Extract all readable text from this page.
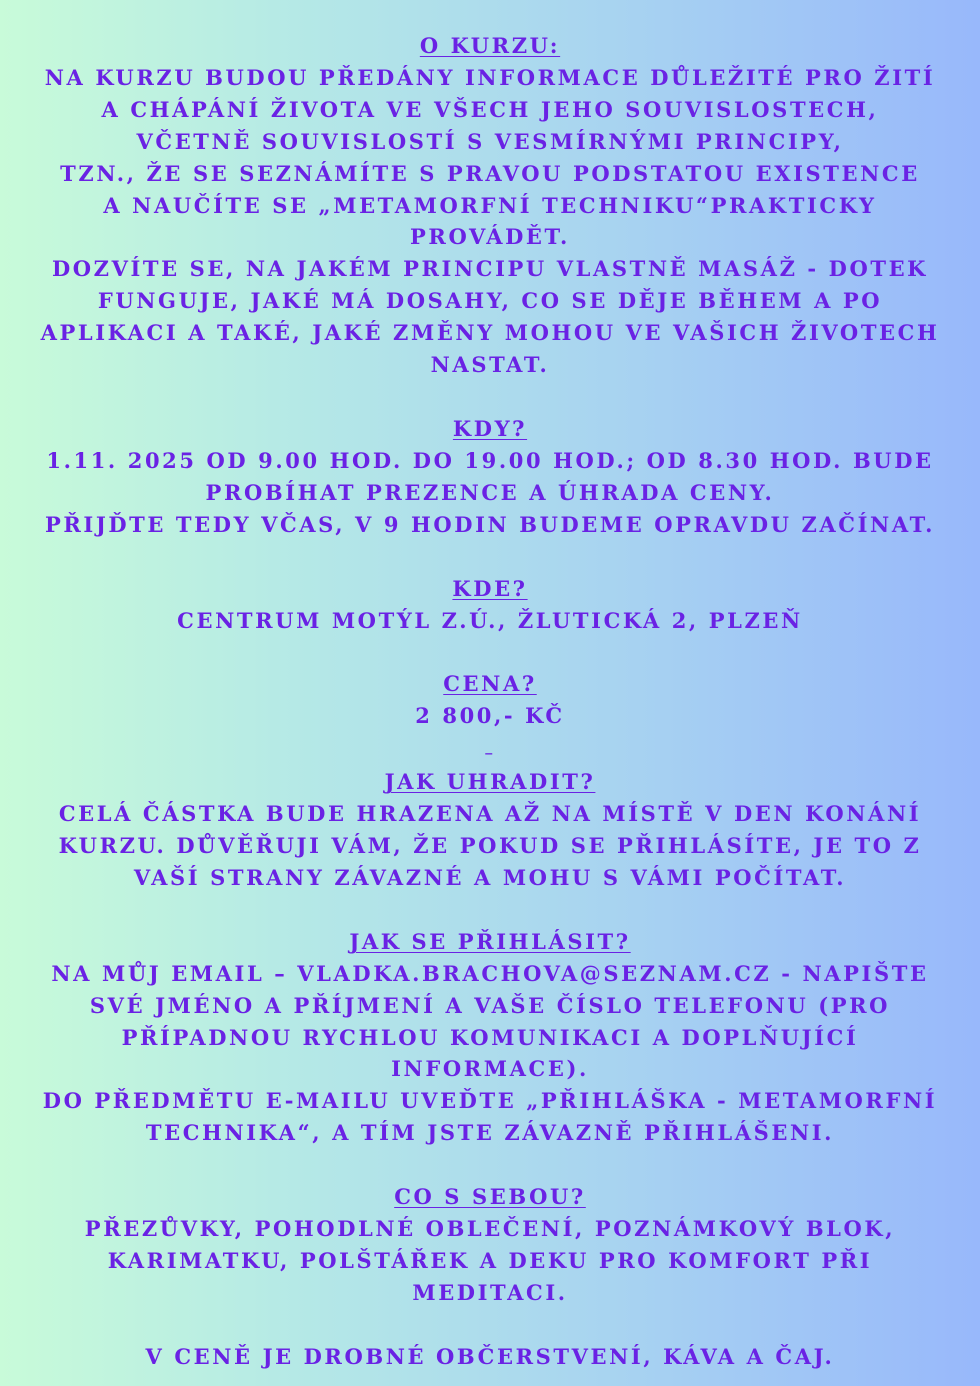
O KURZU:
NA KURZU BUDOU PŘEDÁNY INFORMACE DŮLEŽITÉ PRO ŽITÍ
A CHÁPÁNÍ ŽIVOTA VE VŠECH JEHO SOUVISLOSTECH,
VČETNĚ SOUVISLOSTÍ S VESMÍRNÝMI PRINCIPY,
TZN., ŽE SE SEZNÁMÍTE S PRAVOU PODSTATOU EXISTENCE
A NAUČÍTE SE „METAMORFNÍ TECHNIKU“PRAKTICKY
PROVÁDĚT.
DOZVÍTE SE, NA JAKÉM PRINCIPU VLASTNĚ MASÁŽ - DOTEK
FUNGUJE, JAKÉ MÁ DOSAHY, CO SE DĚJE BĚHEM A PO
APLIKACI A TAKÉ, JAKÉ ZMĚNY MOHOU VE VAŠICH ŽIVOTECH
NASTAT.
KDY?
1.11. 2025 OD 9.00 HOD. DO 19.00 HOD.; OD 8.30 HOD. BUDE
PROBÍHAT PREZENCE A ÚHRADA CENY.
PŘIJĎTE TEDY VČAS, V 9 HODIN BUDEME OPRAVDU ZAČÍNAT.
KDE?
CENTRUM MOTÝL Z.Ú., ŽLUTICKÁ 2, PLZEŇ
CENA?
2 800,- KČ
_
JAK UHRADIT?
CELÁ ČÁSTKA BUDE HRAZENA AŽ NA MÍSTĚ V DEN KONÁNÍ
KURZU. DŮVĚŘUJI VÁM, ŽE POKUD SE PŘIHLÁSÍTE, JE TO Z
VAŠÍ STRANY ZÁVAZNÉ A MOHU S VÁMI POČÍTAT.
JAK SE PŘIHLÁSIT?
NA MŮJ EMAIL – VLADKA.BRACHOVA@SEZNAM.CZ - NAPIŠTE
SVÉ JMÉNO A PŘÍJMENÍ A VAŠE ČÍSLO TELEFONU (PRO
PŘÍPADNOU RYCHLOU KOMUNIKACI A DOPLŇUJÍCÍ
INFORMACE).
DO PŘEDMĚTU E-MAILU UVEĎTE „PŘIHLÁŠKA - METAMORFNÍ
TECHNIKA“, A TÍM JSTE ZÁVAZNĚ PŘIHLÁŠENI.
CO S SEBOU?
PŘEZŮVKY, POHODLNÉ OBLEČENÍ, POZNÁMKOVÝ BLOK,
KARIMATKU, POLŠTÁŘEK A DEKU PRO KOMFORT PŘI
MEDITACI.
V CENĚ JE DROBNÉ OBČERSTVENÍ, KÁVA A ČAJ.
